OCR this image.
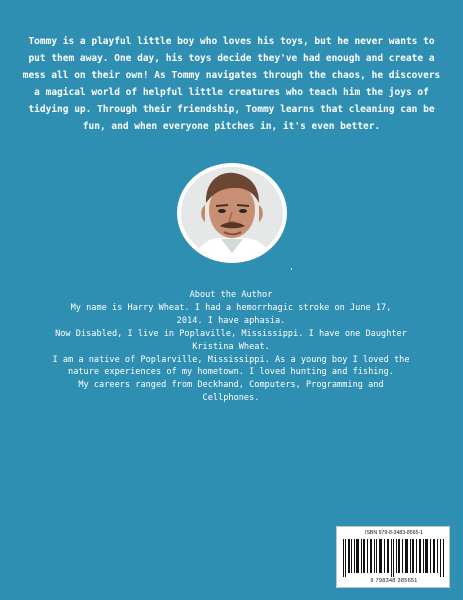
Tommy is a playful little boy who loves his toys, but he never wants to put them away. One day, his toys decide they've had enough and create a mess all on their own! As Tommy navigates through the chaos, he discovers a magical world of helpful little creatures who teach him the joys of tidying up. Through their friendship, Tommy learns that cleaning can be fun, and when everyone pitches in, it's even better.

About the Author
My name is Harry Wheat. I had a hemorrhagic stroke on June 17,
2014. I have aphasia.
Now Disabled, I live in Poplaville, Mississippi. I have one Daughter
Kristina Wheat.
I am a native of Poplarville, Mississippi. As a young boy I loved the
nature experiences of my hometown. I loved hunting and fishing.
My careers ranged from Deckhand, Computers, Programming and
Cellphones.
ISBN 979-8-3483-8565-1
9 798348 385651
